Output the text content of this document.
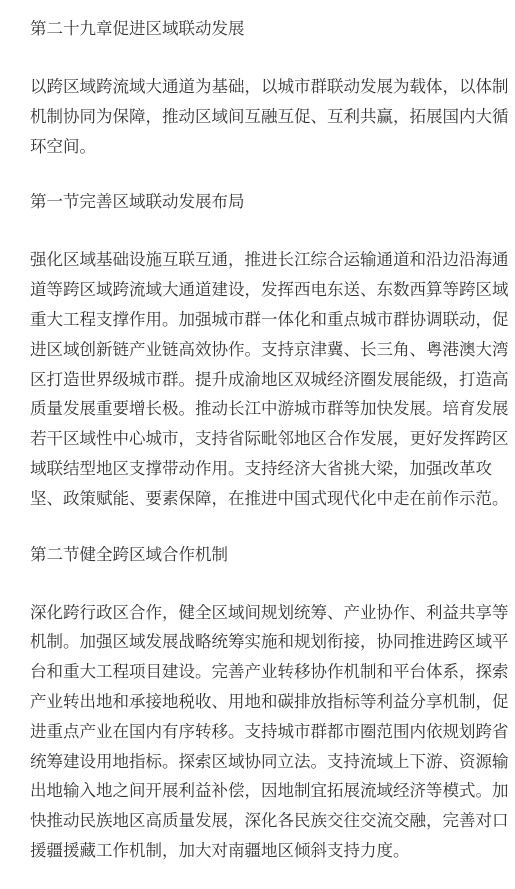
第二十九章促进区域联动发展

以跨区域跨流域大通道为基础，以城市群联动发展为载体，以体制机制协同为保障，推动区域间互融互促、互利共赢，拓展国内大循环空间。

第一节完善区域联动发展布局

强化区域基础设施互联互通，推进长江综合运输通道和沿边沿海通道等跨区域跨流域大通道建设，发挥西电东送、东数西算等跨区域重大工程支撑作用。加强城市群一体化和重点城市群协调联动，促进区域创新链产业链高效协作。支持京津冀、长三角、粤港澳大湾区打造世界级城市群。提升成渝地区双城经济圈发展能级，打造高质量发展重要增长极。推动长江中游城市群等加快发展。培育发展若干区域性中心城市，支持省际毗邻地区合作发展，更好发挥跨区域联结型地区支撑带动作用。支持经济大省挑大梁，加强改革攻坚、政策赋能、要素保障，在推进中国式现代化中走在前作示范。

第二节健全跨区域合作机制

深化跨行政区合作，健全区域间规划统筹、产业协作、利益共享等机制。加强区域发展战略统筹实施和规划衔接，协同推进跨区域平台和重大工程项目建设。完善产业转移协作机制和平台体系，探索产业转出地和承接地税收、用地和碳排放指标等利益分享机制，促进重点产业在国内有序转移。支持城市群都市圈范围内依规划跨省统筹建设用地指标。探索区域协同立法。支持流域上下游、资源输出地输入地之间开展利益补偿，因地制宜拓展流域经济等模式。加快推动民族地区高质量发展，深化各民族交往交流交融，完善对口援疆援藏工作机制，加大对南疆地区倾斜支持力度。
